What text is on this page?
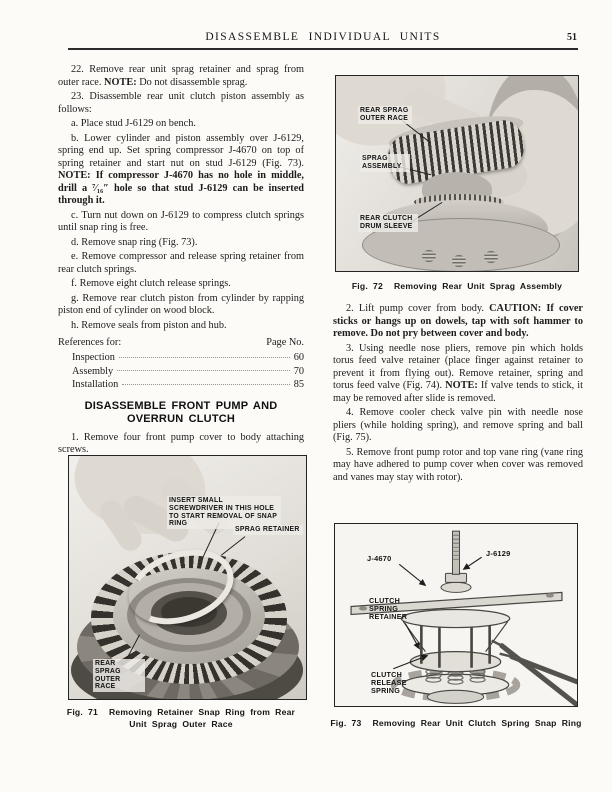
DISASSEMBLE INDIVIDUAL UNITS	51

22. Remove rear unit sprag retainer and sprag from outer race. NOTE: Do not disassemble sprag.

23. Disassemble rear unit clutch piston assembly as follows:

a. Place stud J-6129 on bench.

b. Lower cylinder and piston assembly over J-6129, spring end up. Set spring compressor J-4670 on top of spring retainer and start nut on stud J-6129 (Fig. 73). NOTE: If compressor J-4670 has no hole in middle, drill a ⁷⁄₁₆″ hole so that stud J-6129 can be inserted through it.

c. Turn nut down on J-6129 to compress clutch springs until snap ring is free.

d. Remove snap ring (Fig. 73).

e. Remove compressor and release spring retainer from rear clutch springs.

f. Remove eight clutch release springs.

g. Remove rear clutch piston from cylinder by rapping piston end of cylinder on wood block.

h. Remove seals from piston and hub.

References for:	Page No.
Inspection	60
Assembly	70
Installation	85
DISASSEMBLE FRONT PUMP AND OVERRUN CLUTCH

1. Remove four front pump cover to body attaching screws.

2. Lift pump cover from body. CAUTION: If cover sticks or hangs up on dowels, tap with soft hammer to remove. Do not pry between cover and body.

3. Using needle nose pliers, remove pin which holds torus feed valve retainer (place finger against retainer to prevent it from flying out). Remove retainer, spring and torus feed valve (Fig. 74). NOTE: If valve tends to stick, it may be removed after slide is removed.

4. Remove cooler check valve pin with needle nose pliers (while holding spring), and remove spring and ball (Fig. 75).

5. Remove front pump rotor and top vane ring (vane ring may have adhered to pump cover when cover was removed and vanes may stay with rotor).

REAR SPRAG OUTER RACE
SPRAG ASSEMBLY
REAR CLUTCH DRUM SLEEVE
Fig. 72 Removing Rear Unit Sprag Assembly
INSERT SMALL SCREWDRIVER IN THIS HOLE TO START REMOVAL OF SNAP RING
SPRAG RETAINER
REAR SPRAG OUTER RACE
Fig. 71 Removing Retainer Snap Ring from Rear Unit Sprag Outer Race
J-4670
J-6129
CLUTCH SPRING RETAINER
CLUTCH RELEASE SPRING
Fig. 73 Removing Rear Unit Clutch Spring Snap Ring
